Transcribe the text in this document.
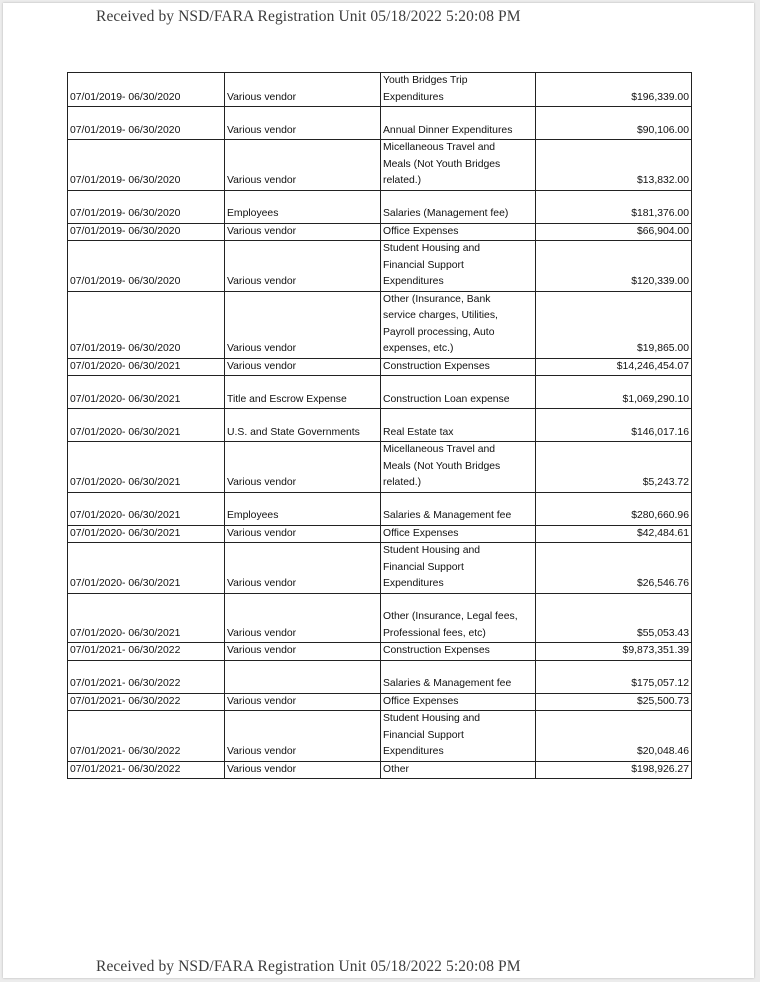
Received by NSD/FARA Registration Unit 05/18/2022 5:20:08 PM
07/01/2019- 06/30/2020	Various vendor	Youth Bridges Trip
Expenditures	$196,339.00
07/01/2019- 06/30/2020	Various vendor	Annual Dinner Expenditures	$90,106.00
07/01/2019- 06/30/2020	Various vendor	Micellaneous Travel and
Meals (Not Youth Bridges
related.)	$13,832.00
07/01/2019- 06/30/2020	Employees	Salaries (Management fee)	$181,376.00
07/01/2019- 06/30/2020	Various vendor	Office Expenses	$66,904.00
07/01/2019- 06/30/2020	Various vendor	Student Housing and
Financial Support
Expenditures	$120,339.00
07/01/2019- 06/30/2020	Various vendor	Other (Insurance, Bank
service charges, Utilities,
Payroll processing, Auto
expenses, etc.)	$19,865.00
07/01/2020- 06/30/2021	Various vendor	Construction Expenses	$14,246,454.07
07/01/2020- 06/30/2021	Title and Escrow Expense	Construction Loan expense	$1,069,290.10
07/01/2020- 06/30/2021	U.S. and State Governments	Real Estate tax	$146,017.16
07/01/2020- 06/30/2021	Various vendor	Micellaneous Travel and
Meals (Not Youth Bridges
related.)	$5,243.72
07/01/2020- 06/30/2021	Employees	Salaries & Management fee	$280,660.96
07/01/2020- 06/30/2021	Various vendor	Office Expenses	$42,484.61
07/01/2020- 06/30/2021	Various vendor	Student Housing and
Financial Support
Expenditures	$26,546.76
07/01/2020- 06/30/2021	Various vendor	Other (Insurance, Legal fees,
Professional fees, etc)	$55,053.43
07/01/2021- 06/30/2022	Various vendor	Construction Expenses	$9,873,351.39
07/01/2021- 06/30/2022		Salaries & Management fee	$175,057.12
07/01/2021- 06/30/2022	Various vendor	Office Expenses	$25,500.73
07/01/2021- 06/30/2022	Various vendor	Student Housing and
Financial Support
Expenditures	$20,048.46
07/01/2021- 06/30/2022	Various vendor	Other	$198,926.27
Received by NSD/FARA Registration Unit 05/18/2022 5:20:08 PM
